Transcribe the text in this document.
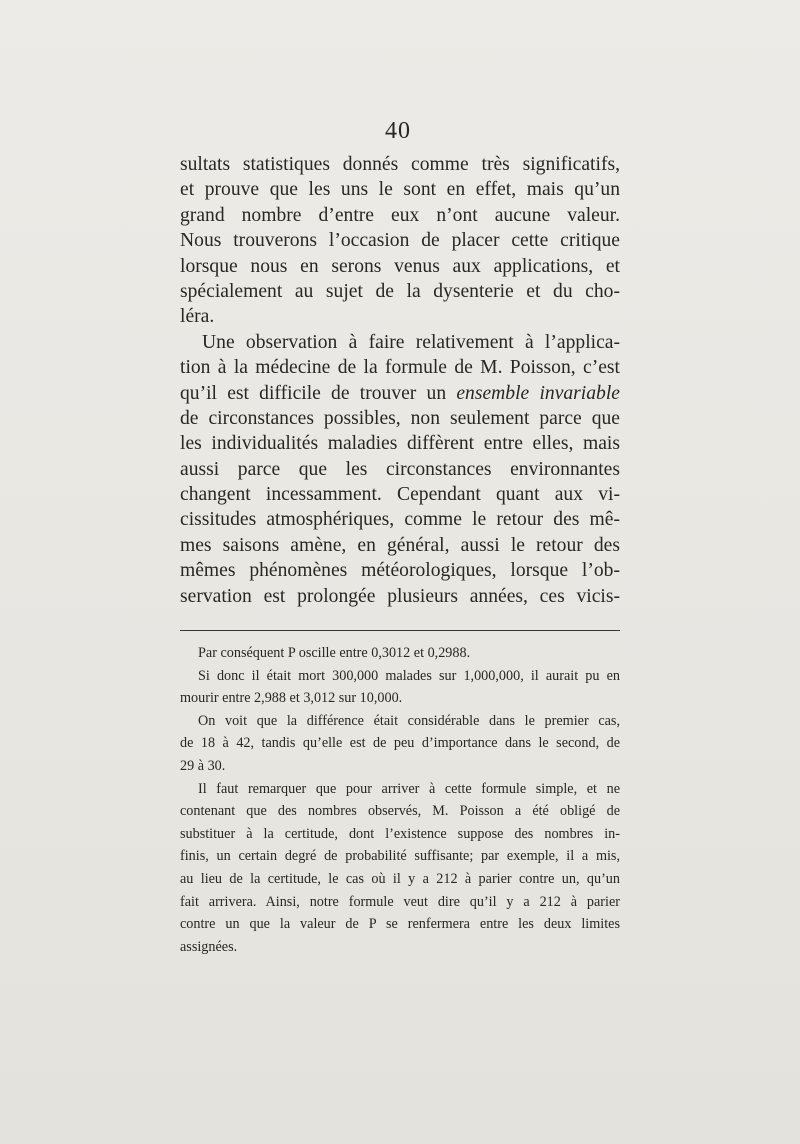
40
sultats statistiques donnés comme très significatifs,
et prouve que les uns le sont en effet, mais qu’un
grand nombre d’entre eux n’ont aucune valeur.
Nous trouverons l’occasion de placer cette critique
lorsque nous en serons venus aux applications, et
spécialement au sujet de la dysenterie et du cho-
léra.
Une observation à faire relativement à l’applica-
tion à la médecine de la formule de M. Poisson, c’est
qu’il est difficile de trouver un ensemble invariable
de circonstances possibles, non seulement parce que
les individualités maladies diffèrent entre elles, mais
aussi parce que les circonstances environnantes
changent incessamment. Cependant quant aux vi-
cissitudes atmosphériques, comme le retour des mê-
mes saisons amène, en général, aussi le retour des
mêmes phénomènes météorologiques, lorsque l’ob-
servation est prolongée plusieurs années, ces vicis-
Par conséquent P oscille entre 0,3012 et 0,2988.
Si donc il était mort 300,000 malades sur 1,000,000, il aurait pu en
mourir entre 2,988 et 3,012 sur 10,000.
On voit que la différence était considérable dans le premier cas,
de 18 à 42, tandis qu’elle est de peu d’importance dans le second, de
29 à 30.
Il faut remarquer que pour arriver à cette formule simple, et ne
contenant que des nombres observés, M. Poisson a été obligé de
substituer à la certitude, dont l’existence suppose des nombres in-
finis, un certain degré de probabilité suffisante; par exemple, il a mis,
au lieu de la certitude, le cas où il y a 212 à parier contre un, qu’un
fait arrivera. Ainsi, notre formule veut dire qu’il y a 212 à parier
contre un que la valeur de P se renfermera entre les deux limites
assignées.
